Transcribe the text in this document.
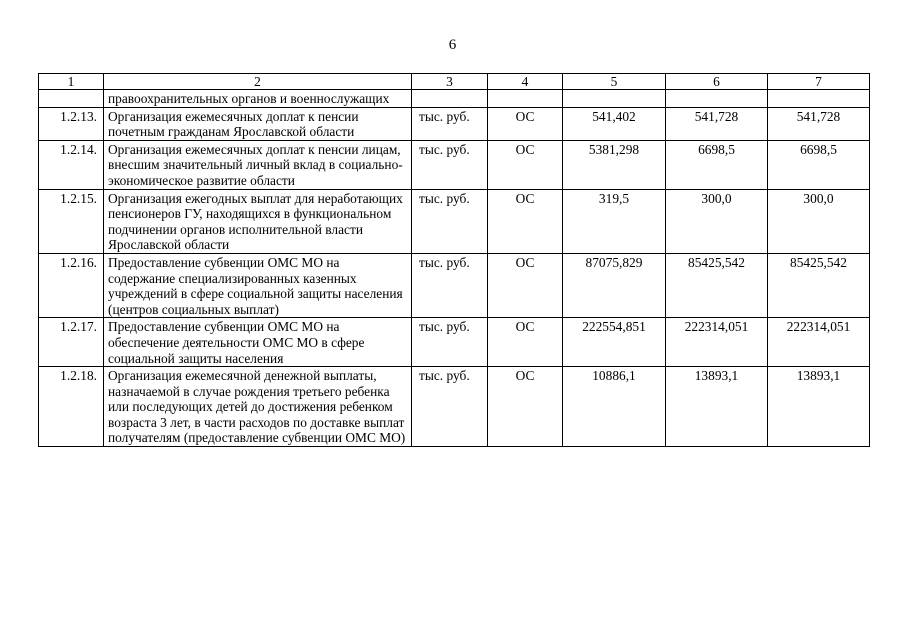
6
1	2	3	4	5	6	7
	правоохранительных органов и военнослужащих					
1.2.13.	Организация ежемесячных доплат к пенсии почетным гражданам Ярославской области	тыс. руб.	ОС	541,402	541,728	541,728
1.2.14.	Организация ежемесячных доплат к пенсии лицам, внесшим значительный личный вклад в социально-экономическое развитие области	тыс. руб.	ОС	5381,298	6698,5	6698,5
1.2.15.	Организация ежегодных выплат для неработающих пенсионеров ГУ, находящихся в функциональном подчинении органов исполнительной власти Ярославской области	тыс. руб.	ОС	319,5	300,0	300,0
1.2.16.	Предоставление субвенции ОМС МО на содержание специализированных казенных учреждений в сфере социальной защиты населения (центров социальных выплат)	тыс. руб.	ОС	87075,829	85425,542	85425,542
1.2.17.	Предоставление субвенции ОМС МО на обеспечение деятельности ОМС МО в сфере социальной защиты населения	тыс. руб.	ОС	222554,851	222314,051	222314,051
1.2.18.	Организация ежемесячной денежной выплаты, назначаемой в случае рождения третьего ребенка или последующих детей до достижения ребенком возраста 3 лет, в части расходов по доставке выплат получателям (предоставление субвенции ОМС МО)	тыс. руб.	ОС	10886,1	13893,1	13893,1
